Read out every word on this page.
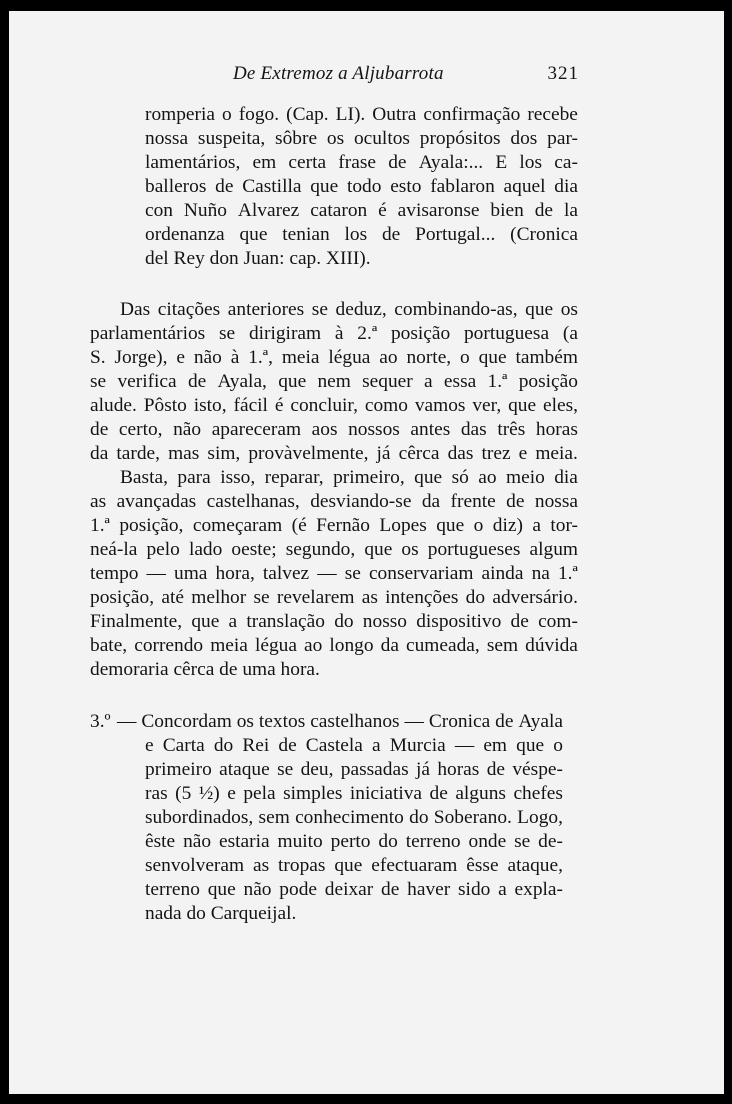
De Extremoz a Aljubarrota	321
romperia o fogo. (Cap. LI). Outra confirmação recebe
nossa suspeita, sôbre os ocultos propósitos dos par-
lamentários, em certa frase de Ayala:... E los ca-
balleros de Castilla que todo esto fablaron aquel dia
con Nuño Alvarez cataron é avisaronse bien de la
ordenanza que tenian los de Portugal... (Cronica
del Rey don Juan: cap. XIII).
Das citações anteriores se deduz, combinando-as, que os
parlamentários se dirigiram à 2.ª posição portuguesa (a
S. Jorge), e não à 1.ª, meia légua ao norte, o que também
se verifica de Ayala, que nem sequer a essa 1.ª posição
alude. Pôsto isto, fácil é concluir, como vamos ver, que eles,
de certo, não apareceram aos nossos antes das três horas
da tarde, mas sim, provàvelmente, já cêrca das trez e meia.
Basta, para isso, reparar, primeiro, que só ao meio dia
as avançadas castelhanas, desviando-se da frente de nossa
1.ª posição, começaram (é Fernão Lopes que o diz) a tor-
neá-la pelo lado oeste; segundo, que os portugueses algum
tempo — uma hora, talvez — se conservariam ainda na 1.ª
posição, até melhor se revelarem as intenções do adversário.
Finalmente, que a translação do nosso dispositivo de com-
bate, correndo meia légua ao longo da cumeada, sem dúvida
demoraria cêrca de uma hora.
3.º — Concordam os textos castelhanos — Cronica de Ayala
e Carta do Rei de Castela a Murcia — em que o
primeiro ataque se deu, passadas já horas de véspe-
ras (5 ½) e pela simples iniciativa de alguns chefes
subordinados, sem conhecimento do Soberano. Logo,
êste não estaria muito perto do terreno onde se de-
senvolveram as tropas que efectuaram êsse ataque,
terreno que não pode deixar de haver sido a expla-
nada do Carqueijal.
